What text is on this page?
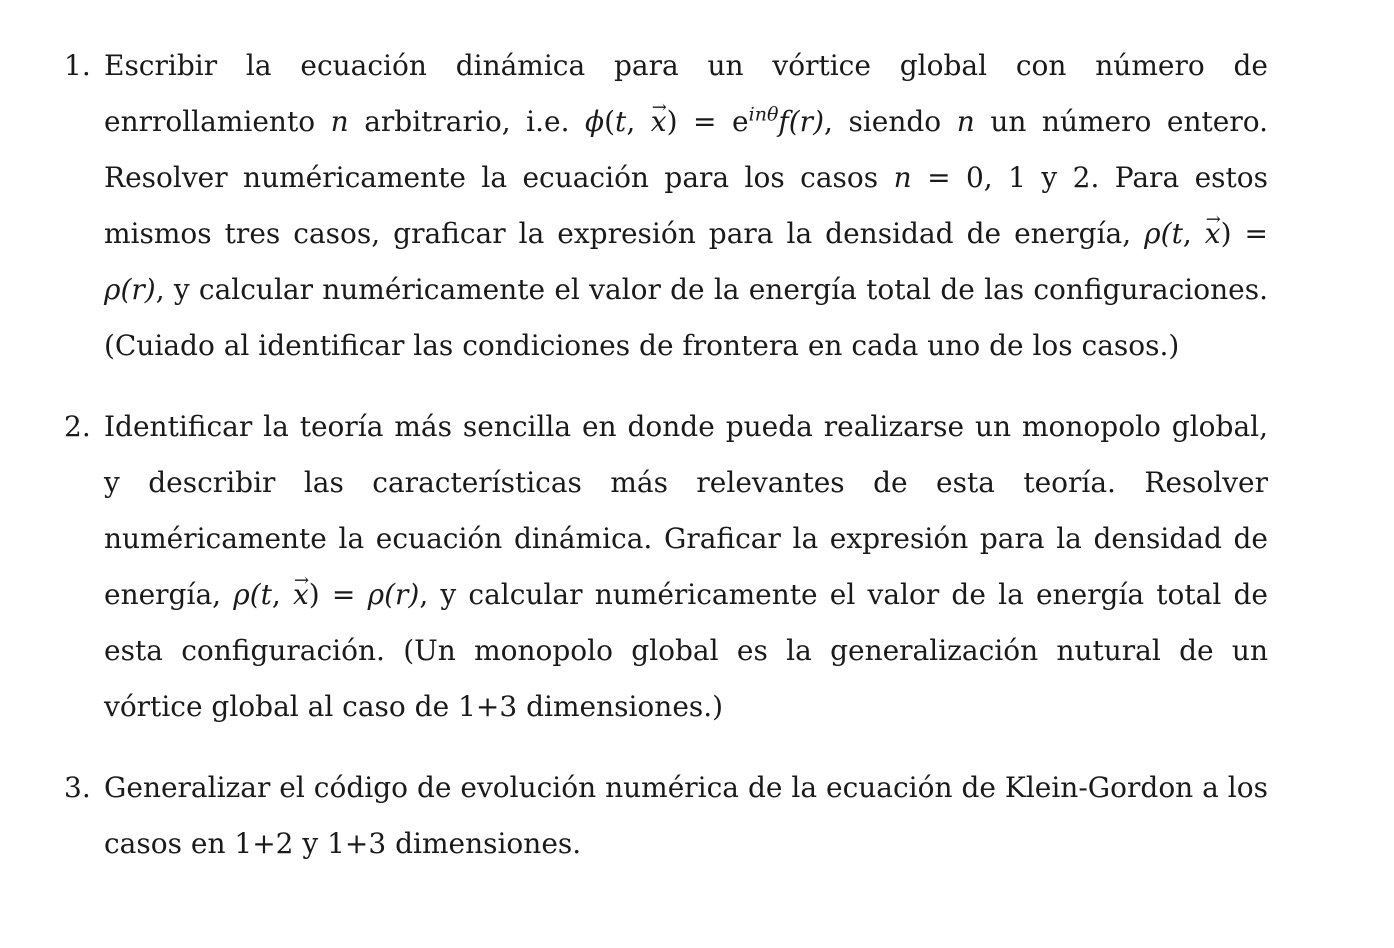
1. Escribir la ecuación dinámica para un vórtice global con número de enrrollamiento n arbitrario, i.e. ϕ(t, → $x) = e^{in\theta}f(r)$, siendo n un número entero. Resolver numéricamente la ecuación para los casos n = 0, 1 y 2. Para estos mismos tres casos, graficar la expresión para la densidad de energía, ρ(t, → x) = ρ(r), y calcular numéricamente el valor de la energía total de las configuraciones. (Cuiado al identificar las condiciones de frontera en cada uno de los casos.)
2. Identificar la teoría más sencilla en donde pueda realizarse un monopolo global, y describir las características más relevantes de esta teoría. Resolver numéricamente la ecuación dinámica. Graficar la expresión para la densidad de energía, ρ(t, → x) = ρ(r), y calcular numéricamente el valor de la energía total de esta configuración. (Un monopolo global es la generalización nutural de un vórtice global al caso de 1+3 dimensiones.)
3. Generalizar el código de evolución numérica de la ecuación de Klein-Gordon a los casos en 1+2 y 1+3 dimensiones.
